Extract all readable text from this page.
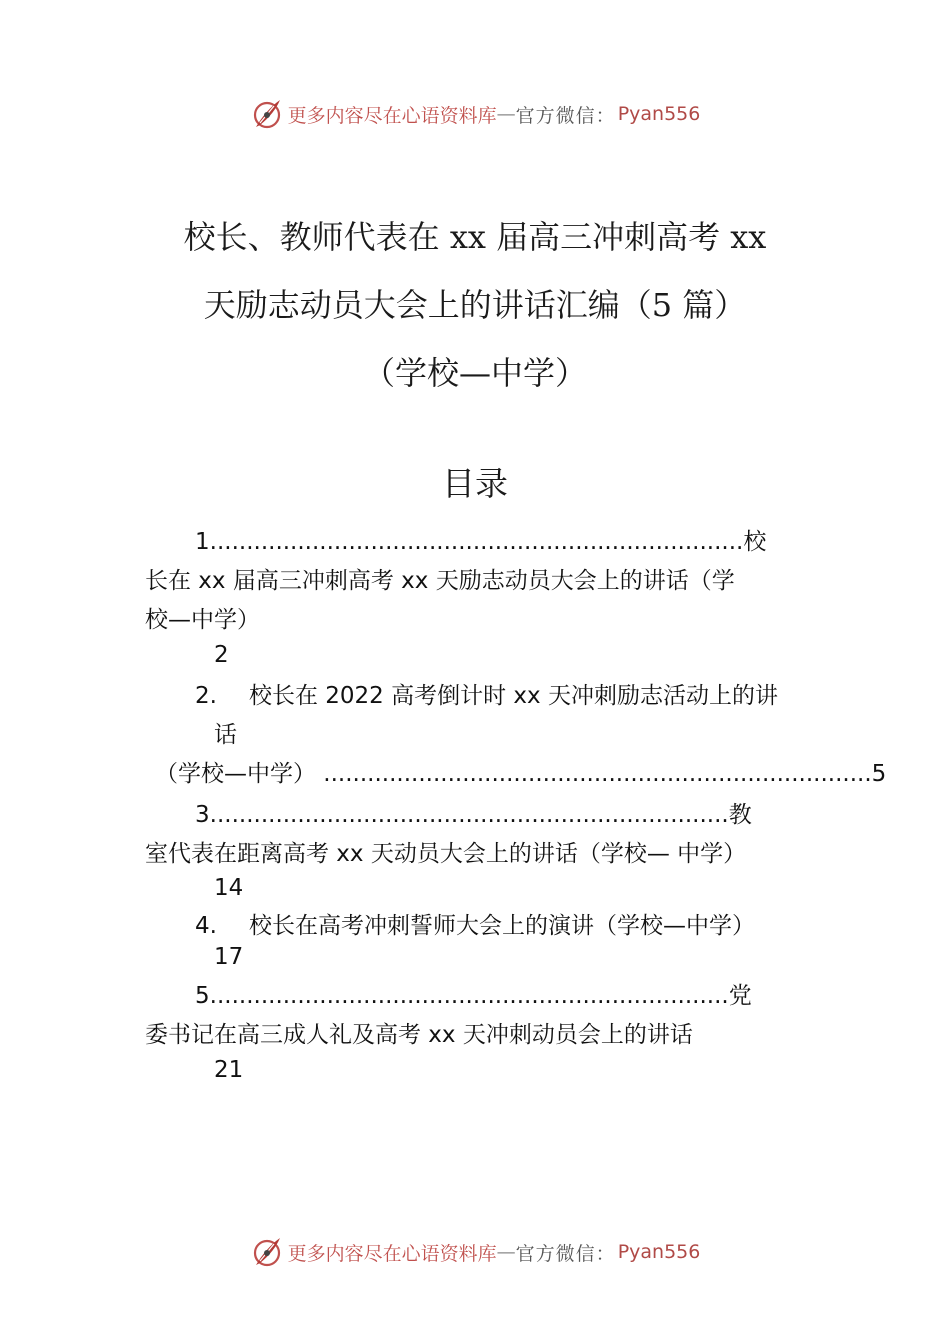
更多内容尽在心语资料库 — 官方微信： Pyan556
校长、教师代表在 xx 届高三冲刺高考 xx
天励志动员大会上的讲话汇编（5 篇）
（学校—中学）
目录
1.........................................................................校
长在 xx 届高三冲刺高考 xx 天励志动员大会上的讲话（学
校—中学）
2
2. 校长在 2022 高考倒计时 xx 天冲刺励志活动上的讲
话
（学校—中学） ...........................................................................5
3.......................................................................教
室代表在距离高考 xx 天动员大会上的讲话（学校— 中学）
14
4. 校长在高考冲刺誓师大会上的演讲（学校—中学）
17
5.......................................................................党
委书记在高三成人礼及高考 xx 天冲刺动员会上的讲话
21
更多内容尽在心语资料库 — 官方微信： Pyan556
